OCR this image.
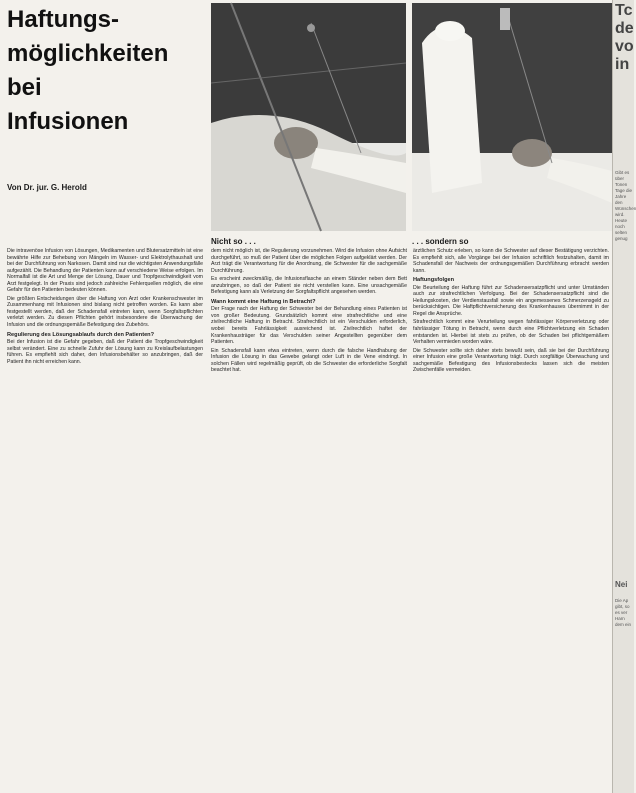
Haftungs-
möglichkeiten
bei
Infusionen
Nicht so . . .	. . . sondern so
Von Dr. jur. G. Herold

Die intravenöse Infusion von Lösungen, Medikamenten und Blutersatzmitteln ist eine bewährte Hilfe zur Behebung von Mängeln im Wasser- und Elektrolythaushalt und bei der Durchführung von Narkosen. Damit sind nur die wichtigsten Anwendungsfälle aufgezählt. Die Behandlung der Patienten kann auf verschiedene Weise erfolgen. Im Normalfall ist die Art und Menge der Lösung, Dauer und Tropfgeschwindigkeit vom Arzt festgelegt. In der Praxis sind jedoch zahlreiche Fehlerquellen möglich, die eine Gefahr für den Patienten bedeuten können.

Die größten Entscheidungen über die Haftung von Arzt oder Krankenschwester im Zusammenhang mit Infusionen sind bislang nicht getroffen worden. Es kann aber festgestellt werden, daß der Schadensfall eintreten kann, wenn Sorgfaltspflichten verletzt werden. Zu diesen Pflichten gehört insbesondere die Überwachung der Infusion und die ordnungsgemäße Befestigung des Zubehörs.

Regulierung des Lösungsablaufs durch den Patienten?

Bei der Infusion ist die Gefahr gegeben, daß der Patient die Tropfgeschwindigkeit selbst verändert. Eine zu schnelle Zufuhr der Lösung kann zu Kreislaufbelastungen führen. Es empfiehlt sich daher, den Infusionsbehälter so anzubringen, daß der Patient ihn nicht erreichen kann.

dem nicht möglich ist, die Regulierung vorzunehmen. Wird die Infusion ohne Aufsicht durchgeführt, so muß der Patient über die möglichen Folgen aufgeklärt werden. Der Arzt trägt die Verantwortung für die Anordnung, die Schwester für die sachgemäße Durchführung.

Es erscheint zweckmäßig, die Infusionsflasche an einem Ständer neben dem Bett anzubringen, so daß der Patient sie nicht verstellen kann. Eine unsachgemäße Befestigung kann als Verletzung der Sorgfaltspflicht angesehen werden.

Wann kommt eine Haftung in Betracht?

Der Frage nach der Haftung der Schwester bei der Behandlung eines Patienten ist von großer Bedeutung. Grundsätzlich kommt eine strafrechtliche und eine zivilrechtliche Haftung in Betracht. Strafrechtlich ist ein Verschulden erforderlich, wobei bereits Fahrlässigkeit ausreichend ist. Zivilrechtlich haftet der Krankenhausträger für das Verschulden seiner Angestellten gegenüber dem Patienten.

Ein Schadensfall kann etwa eintreten, wenn durch die falsche Handhabung der Infusion die Lösung in das Gewebe gelangt oder Luft in die Vene eindringt. In solchen Fällen wird regelmäßig geprüft, ob die Schwester die erforderliche Sorgfalt beachtet hat.

ärztlichen Schutz erleben, so kann die Schwester auf dieser Bestätigung verzichten. Es empfiehlt sich, alle Vorgänge bei der Infusion schriftlich festzuhalten, damit im Schadensfall der Nachweis der ordnungsgemäßen Durchführung erbracht werden kann.

Haftungsfolgen

Die Beurteilung der Haftung führt zur Schadensersatzpflicht und unter Umständen auch zur strafrechtlichen Verfolgung. Bei der Schadensersatzpflicht sind die Heilungskosten, der Verdienstausfall sowie ein angemessenes Schmerzensgeld zu berücksichtigen. Die Haftpflichtversicherung des Krankenhauses übernimmt in der Regel die Ansprüche.

Strafrechtlich kommt eine Verurteilung wegen fahrlässiger Körperverletzung oder fahrlässiger Tötung in Betracht, wenn durch eine Pflichtverletzung ein Schaden entstanden ist. Hierbei ist stets zu prüfen, ob der Schaden bei pflichtgemäßem Verhalten vermieden worden wäre.

Die Schwester sollte sich daher stets bewußt sein, daß sie bei der Durchführung einer Infusion eine große Verantwortung trägt. Durch sorgfältige Überwachung und sachgemäße Befestigung des Infusionsbestecks lassen sich die meisten Zwischenfälle vermeiden.

Tc de vo in
Gibt es über Tonen Tage die Jahre den Wünschen wird. Heute noch selten genug
Nei
Die Ap gibt, so es ver Harn dem ein
